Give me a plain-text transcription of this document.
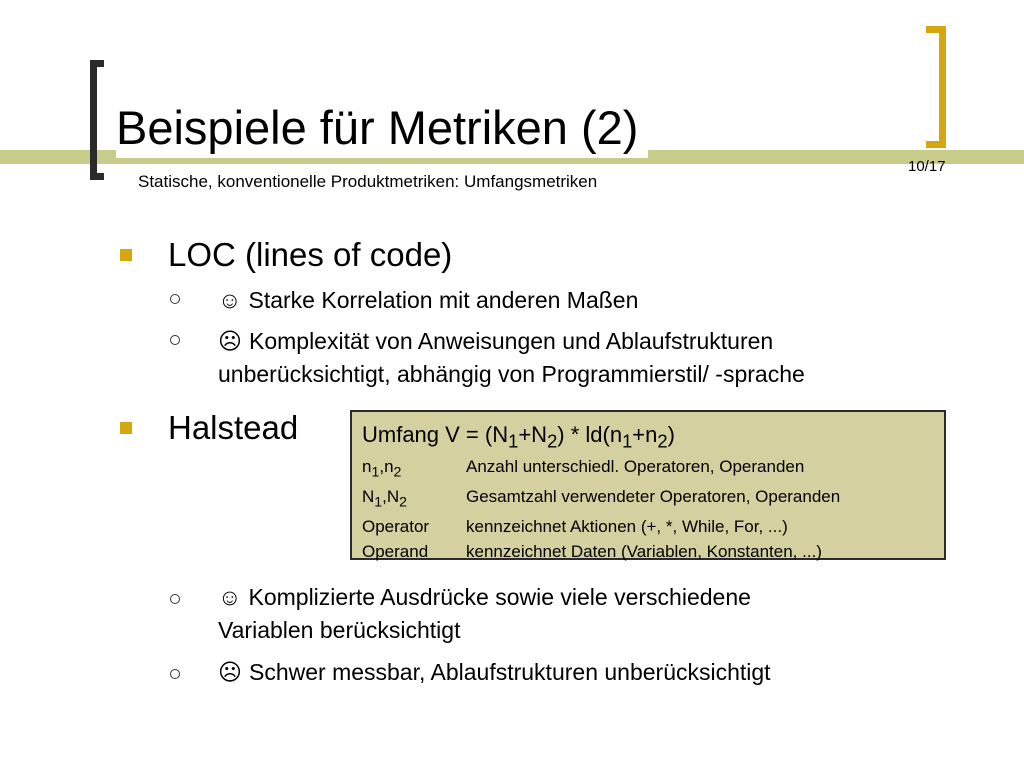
Beispiele für Metriken (2)
Statische, konventionelle Produktmetriken: Umfangsmetriken
10/17
LOC (lines of code)
☺ Starke Korrelation mit anderen Maßen
☹ Komplexität von Anweisungen und Ablaufstrukturen
unberücksichtigt, abhängig von Programmierstil/ -sprache
Halstead	Umfang $V = (N_1+N_2) * ld(n_1+n_2)$
$n_1,n_2$	Anzahl unterschiedl. Operatoren, Operanden
$N_1,N_2$	Gesamtzahl verwendeter Operatoren, Operanden
Operator	kennzeichnet Aktionen (+, *, While, For, ...)
Operand	kennzeichnet Daten (Variablen, Konstanten, ...)
☺ Komplizierte Ausdrücke sowie viele verschiedene
Variablen berücksichtigt
☹ Schwer messbar, Ablaufstrukturen unberücksichtigt
